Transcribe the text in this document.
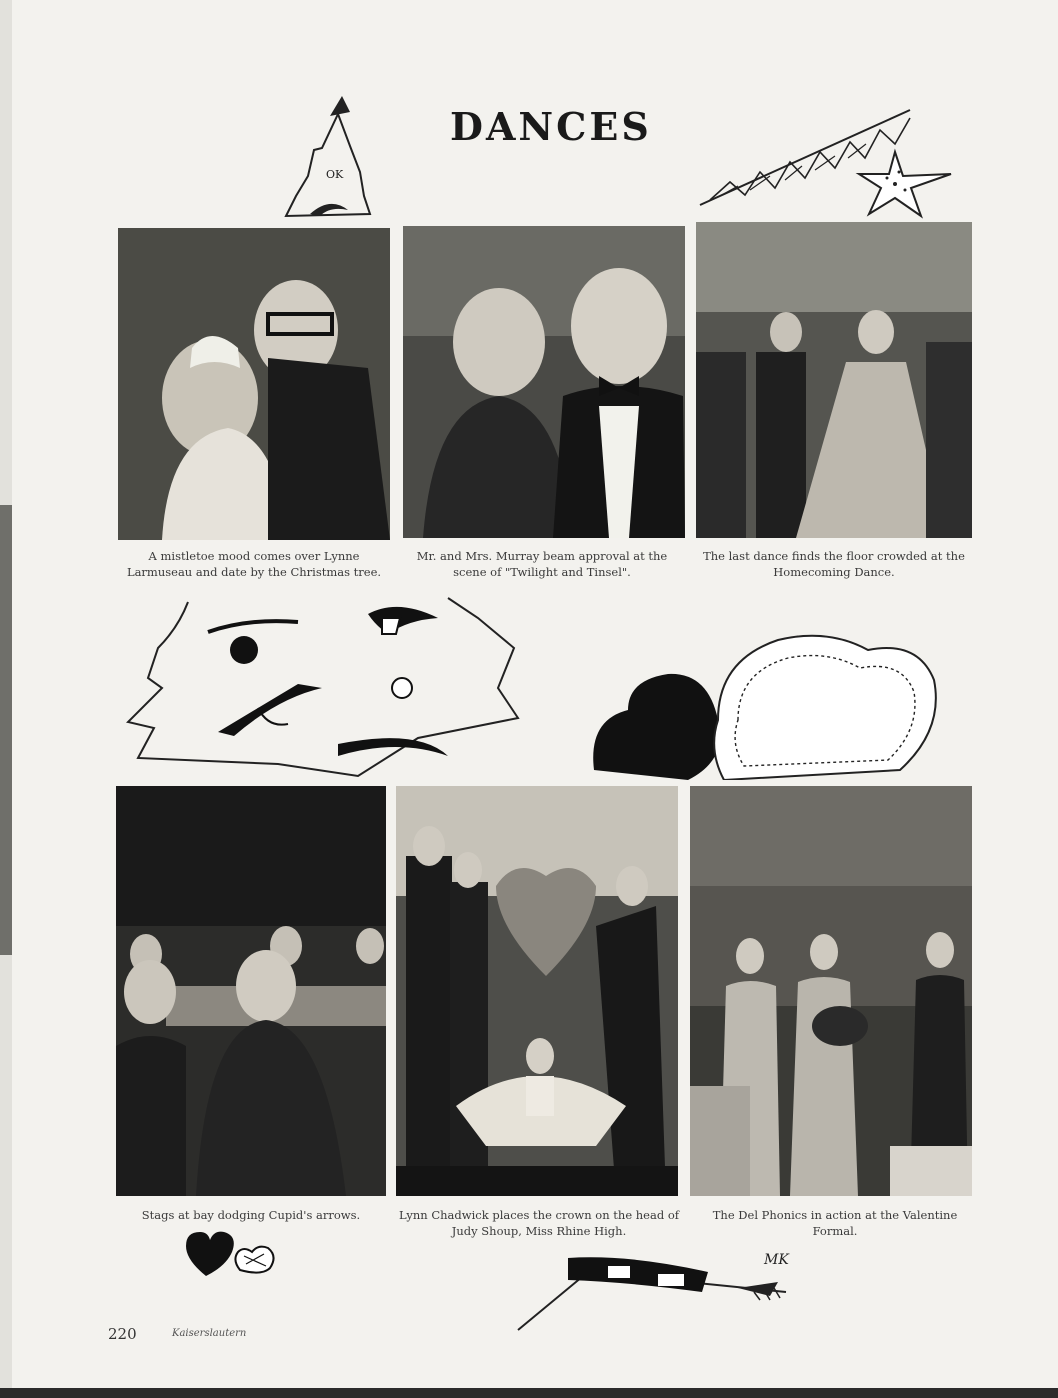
OK
DANCES
A mistletoe mood comes over Lynne Larmuseau and date by the Christmas tree.
Mr. and Mrs. Murray beam approval at the scene of "Twilight and Tinsel".
The last dance finds the floor crowded at the Homecoming Dance.
Stags at bay dodging Cupid's arrows.	Lynn Chadwick places the crown on the head of Judy Shoup, Miss Rhine High.
The Del Phonics in action at the Valentine Formal.
MK
220	Kaiserslautern
